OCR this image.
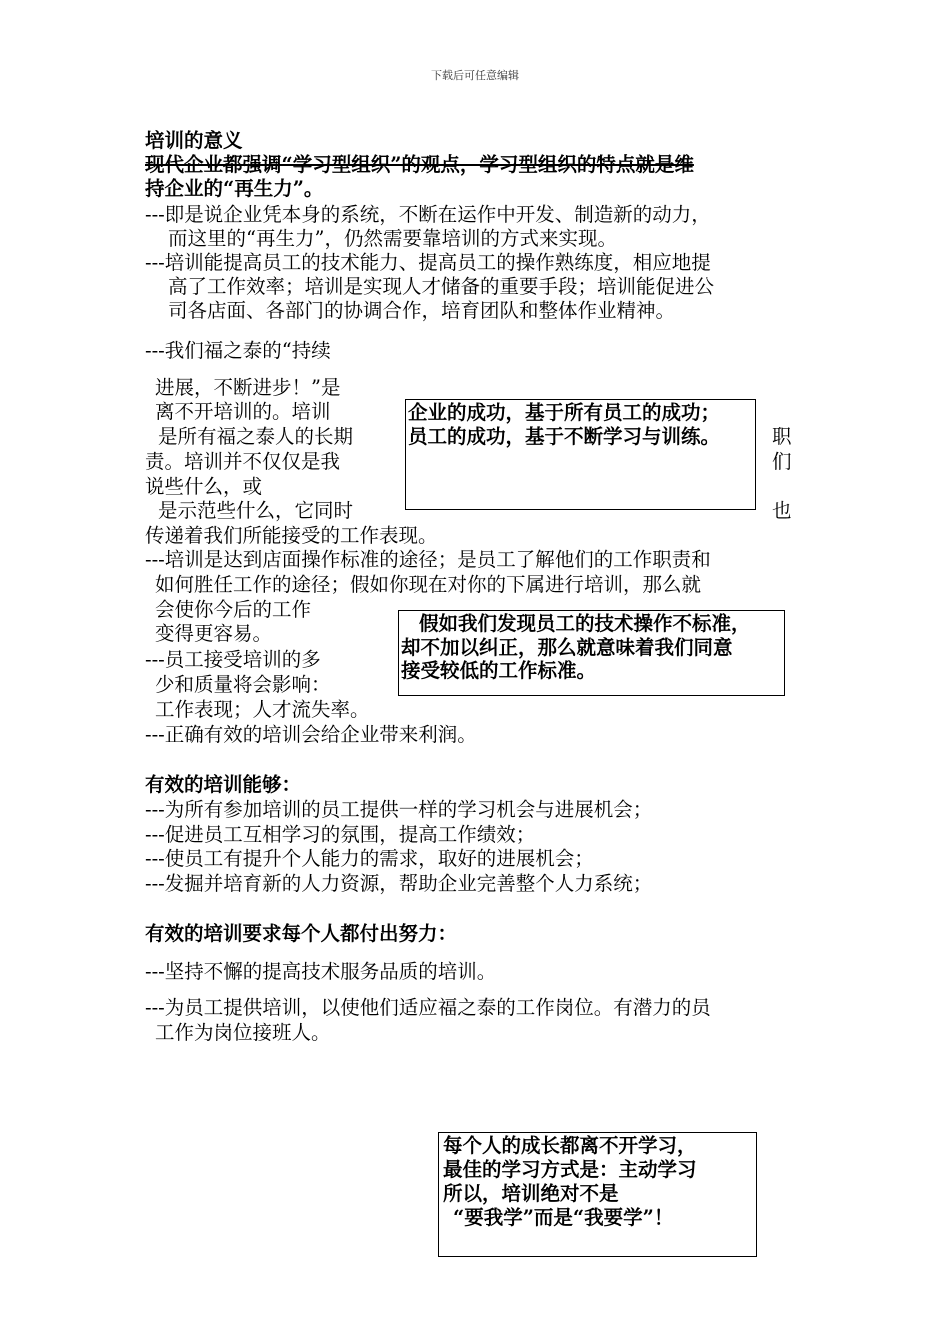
下载后可任意编辑
培训的意义
现代企业都强调“学习型组织”的观点，学习型组织的特点就是维
持企业的“再生力”。
---即是说企业凭本身的系统，不断在运作中开发、制造新的动力，
而这里的“再生力”，仍然需要靠培训的方式来实现。
---培训能提高员工的技术能力、提高员工的操作熟练度，相应地提
高了工作效率；培训是实现人才储备的重要手段；培训能促进公
司各店面、各部门的协调合作，培育团队和整体作业精神。
---我们福之泰的“持续
进展，不断进步！”是
离不开培训的。培训
是所有福之泰人的长期
责。培训并不仅仅是我
说些什么，或
是示范些什么，它同时
职
们
也
传递着我们所能接受的工作表现。
企业的成功，基于所有员工的成功；
员工的成功，基于不断学习与训练。
---培训是达到店面操作标准的途径；是员工了解他们的工作职责和
如何胜任工作的途径；假如你现在对你的下属进行培训，那么就
会使你今后的工作
变得更容易。
---员工接受培训的多
少和质量将会影响：
工作表现；人才流失率。
---正确有效的培训会给企业带来利润。
假如我们发现员工的技术操作不标准，
却不加以纠正，那么就意味着我们同意
接受较低的工作标准。
有效的培训能够：
---为所有参加培训的员工提供一样的学习机会与进展机会；
---促进员工互相学习的氛围，提高工作绩效；
---使员工有提升个人能力的需求，取好的进展机会；
---发掘并培育新的人力资源，帮助企业完善整个人力系统；
有效的培训要求每个人都付出努力：
---坚持不懈的提高技术服务品质的培训。
---为员工提供培训，以使他们适应福之泰的工作岗位。有潜力的员
工作为岗位接班人。
每个人的成长都离不开学习，
最佳的学习方式是：主动学习
所以，培训绝对不是
“要我学”而是“我要学”！
